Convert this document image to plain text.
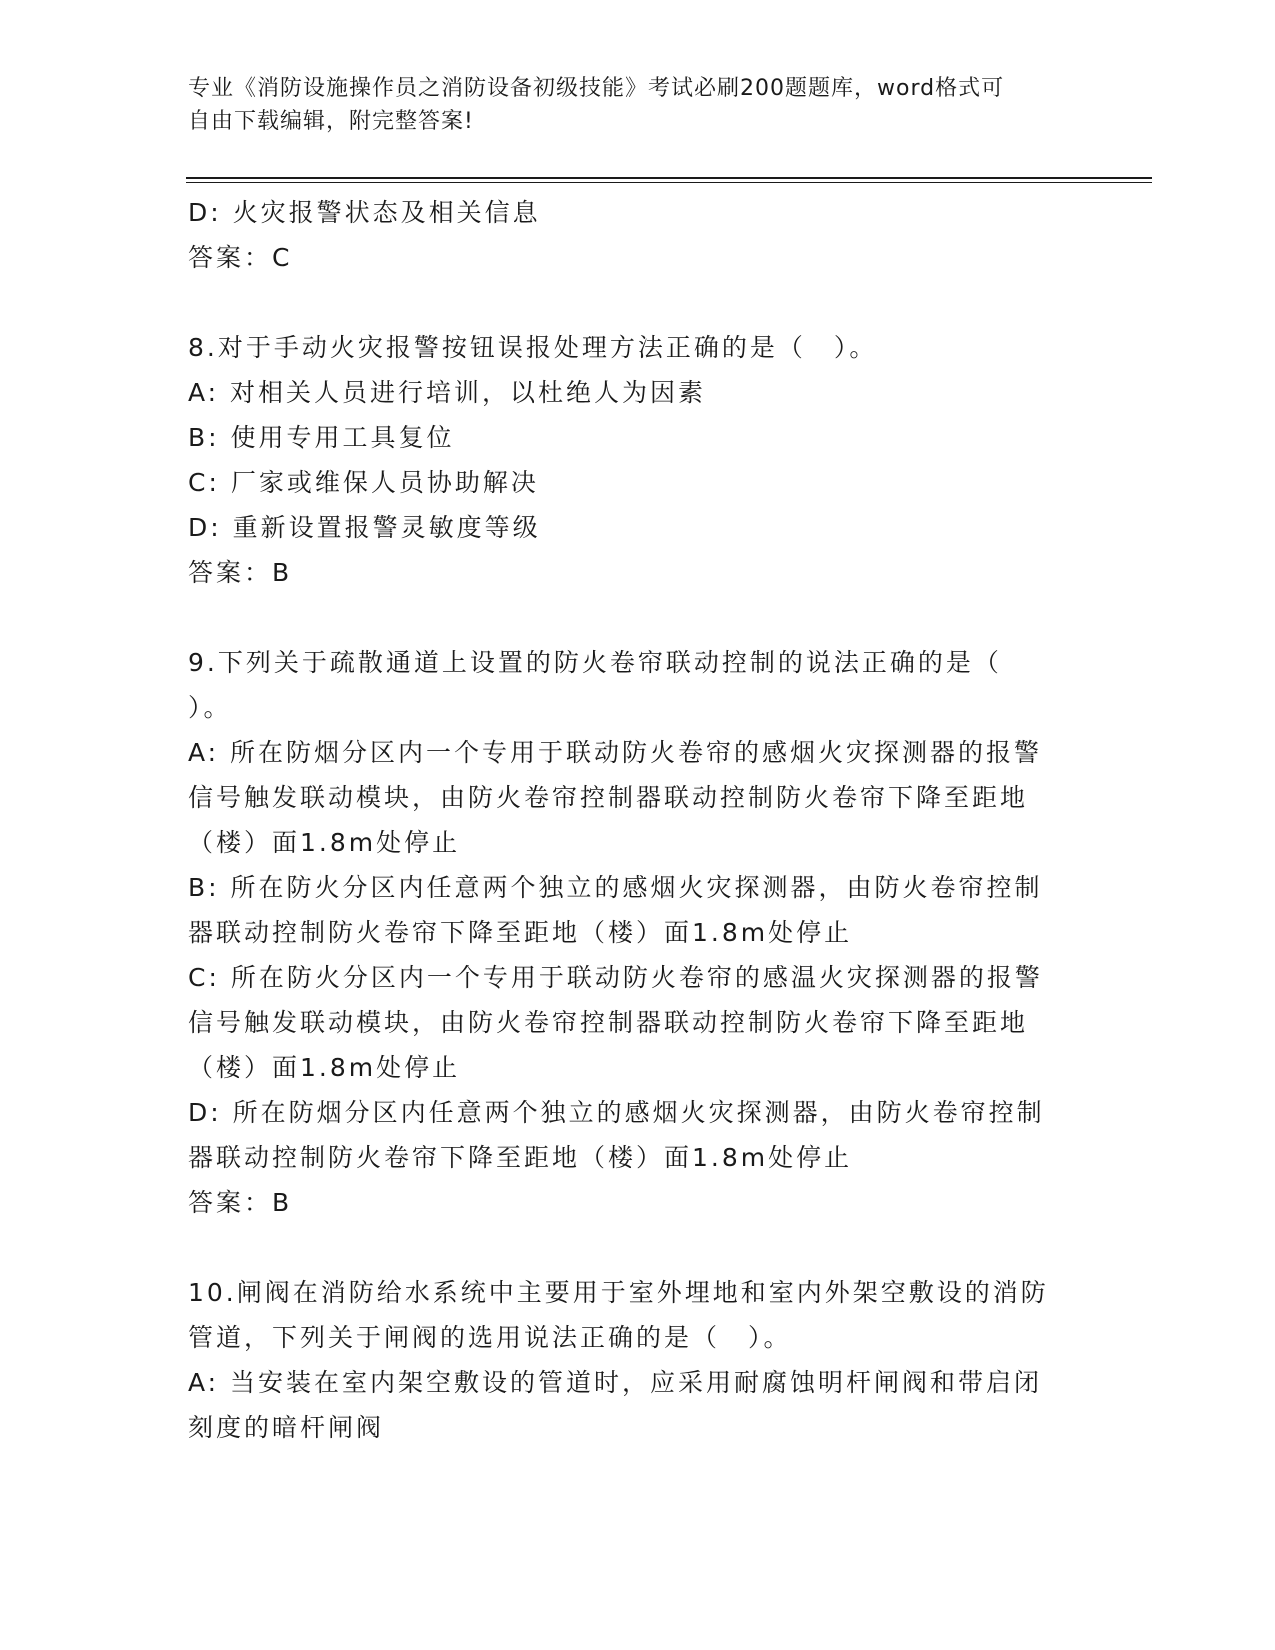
专业《消防设施操作员之消防设备初级技能》考试必刷200题题库，word格式可
自由下载编辑，附完整答案!
D: 火灾报警状态及相关信息
答案：C
8.对于手动火灾报警按钮误报处理方法正确的是（　）。
A: 对相关人员进行培训，以杜绝人为因素
B: 使用专用工具复位
C: 厂家或维保人员协助解决
D: 重新设置报警灵敏度等级
答案：B
9.下列关于疏散通道上设置的防火卷帘联动控制的说法正确的是（
）。
A: 所在防烟分区内一个专用于联动防火卷帘的感烟火灾探测器的报警
信号触发联动模块，由防火卷帘控制器联动控制防火卷帘下降至距地
（楼）面1.8m处停止
B: 所在防火分区内任意两个独立的感烟火灾探测器，由防火卷帘控制
器联动控制防火卷帘下降至距地（楼）面1.8m处停止
C: 所在防火分区内一个专用于联动防火卷帘的感温火灾探测器的报警
信号触发联动模块，由防火卷帘控制器联动控制防火卷帘下降至距地
（楼）面1.8m处停止
D: 所在防烟分区内任意两个独立的感烟火灾探测器，由防火卷帘控制
器联动控制防火卷帘下降至距地（楼）面1.8m处停止
答案：B
10.闸阀在消防给水系统中主要用于室外埋地和室内外架空敷设的消防
管道，下列关于闸阀的选用说法正确的是（　）。
A: 当安装在室内架空敷设的管道时，应采用耐腐蚀明杆闸阀和带启闭
刻度的暗杆闸阀
